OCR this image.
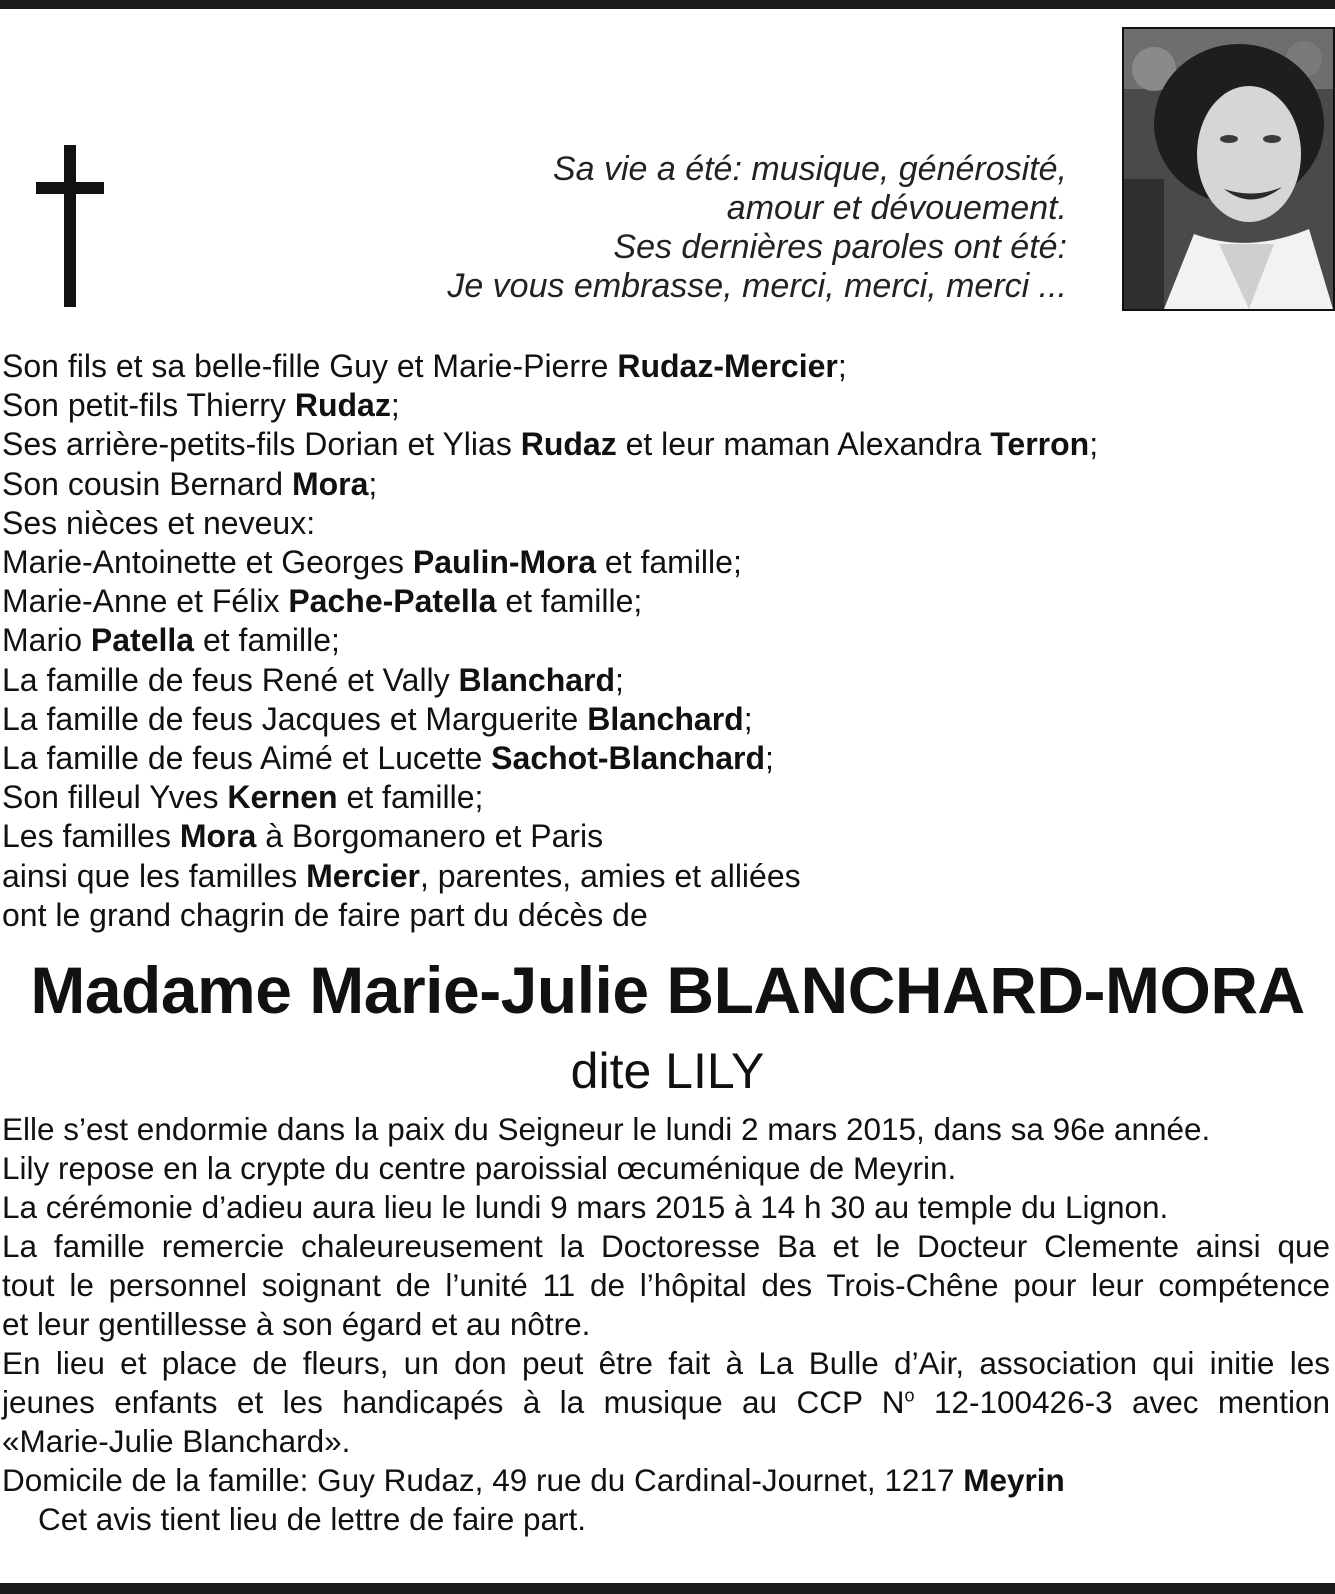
Sa vie a été: musique, générosité,
amour et dévouement.
Ses dernières paroles ont été:
Je vous embrasse, merci, merci, merci ...
Son fils et sa belle-fille Guy et Marie-Pierre Rudaz-Mercier;
Son petit-fils Thierry Rudaz;
Ses arrière-petits-fils Dorian et Ylias Rudaz et leur maman Alexandra Terron;
Son cousin Bernard Mora;
Ses nièces et neveux:
Marie-Antoinette et Georges Paulin-Mora et famille;
Marie-Anne et Félix Pache-Patella et famille;
Mario Patella et famille;
La famille de feus René et Vally Blanchard;
La famille de feus Jacques et Marguerite Blanchard;
La famille de feus Aimé et Lucette Sachot-Blanchard;
Son filleul Yves Kernen et famille;
Les familles Mora à Borgomanero et Paris
ainsi que les familles Mercier, parentes, amies et alliées
ont le grand chagrin de faire part du décès de
Madame Marie-Julie BLANCHARD-MORA
dite LILY
Elle s’est endormie dans la paix du Seigneur le lundi 2 mars 2015, dans sa 96e année.
Lily repose en la crypte du centre paroissial œcuménique de Meyrin.
La cérémonie d’adieu aura lieu le lundi 9 mars 2015 à 14 h 30 au temple du Lignon.
La famille remercie chaleureusement la Doctoresse Ba et le Docteur Clemente ainsi que
tout le personnel soignant de l’unité 11 de l’hôpital des Trois-Chêne pour leur compétence
et leur gentillesse à son égard et au nôtre.
En lieu et place de fleurs, un don peut être fait à La Bulle d’Air, association qui initie les
jeunes enfants et les handicapés à la musique au CCP $N^o$ 12-100426-3 avec mention
«Marie-Julie Blanchard».
Domicile de la famille: Guy Rudaz, 49 rue du Cardinal-Journet, 1217 Meyrin
Cet avis tient lieu de lettre de faire part.
